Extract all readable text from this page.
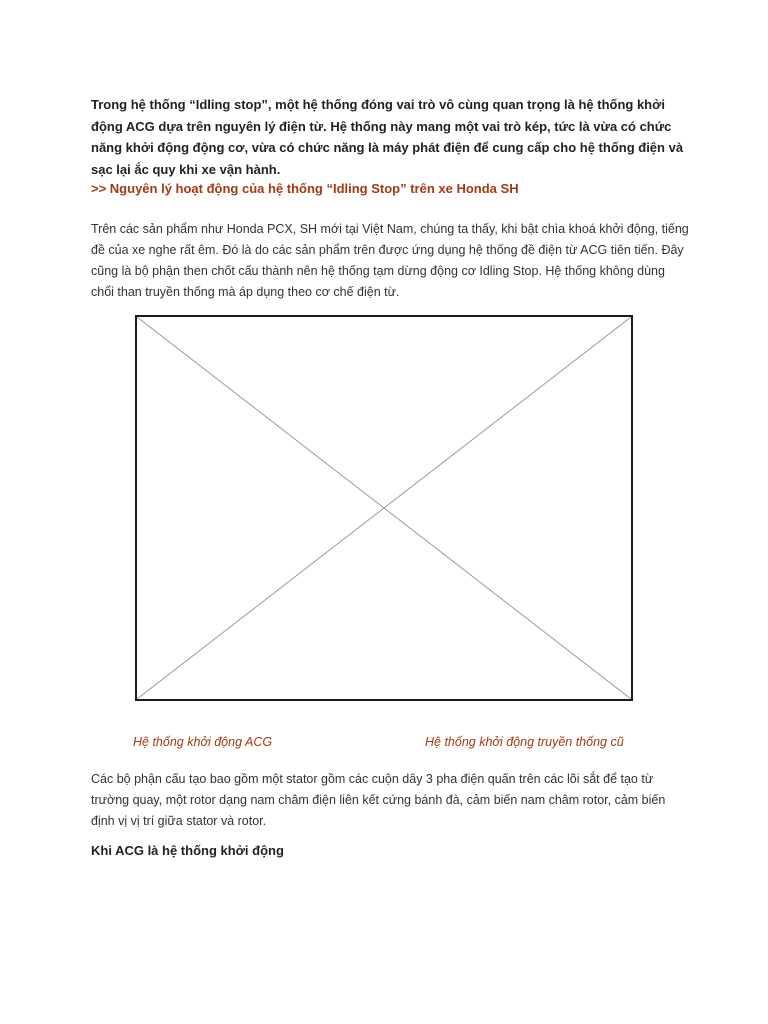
Trong hệ thống “Idling stop”, một hệ thống đóng vai trò vô cùng quan trọng là hệ thống khởi động ACG dựa trên nguyên lý điện từ. Hệ thống này mang một vai trò kép, tức là vừa có chức năng khởi động động cơ, vừa có chức năng là máy phát điện để cung cấp cho hệ thống điện và sạc lại ắc quy khi xe vận hành.

>> Nguyên lý hoạt động của hệ thống “Idling Stop” trên xe Honda SH

Trên các sản phẩm như Honda PCX, SH mới tại Việt Nam, chúng ta thấy, khi bật chìa khoá khởi động, tiếng đề của xe nghe rất êm. Đó là do các sản phẩm trên được ứng dụng hệ thống đề điện từ ACG tiên tiến. Đây cũng là bộ phận then chốt cấu thành nên hệ thống tạm dừng động cơ Idling Stop. Hệ thống không dùng chổi than truyền thống mà áp dụng theo cơ chế điện từ.

Hệ thống khởi động ACG	Hệ thống khởi động truyền thống cũ

Các bộ phận cấu tạo bao gồm một stator gồm các cuộn dây 3 pha điện quấn trên các lõi sắt để tạo từ trường quay, một rotor dạng nam châm điện liên kết cứng bánh đà, cảm biến nam châm rotor, cảm biến định vị vị trí giữa stator và rotor.

Khi ACG là hệ thống khởi động
